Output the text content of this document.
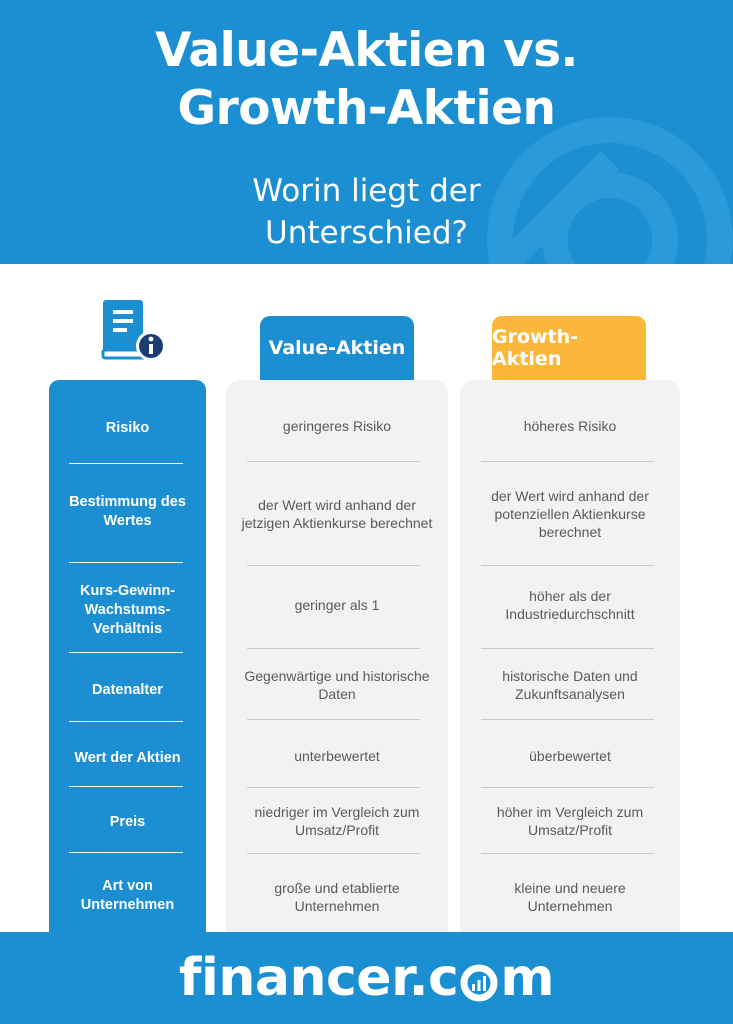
Value-Aktien vs.
Growth-Aktien
Worin liegt der
Unterschied?
Value-Aktien	Growth-Aktien
Risiko
Bestimmung des Wertes
Kurs-Gewinn-Wachstums-Verhältnis
Datenalter
Wert der Aktien
Preis
Art von Unternehmen
geringeres Risiko
der Wert wird anhand der jetzigen Aktienkurse berechnet
geringer als 1
Gegenwärtige und historische Daten
unterbewertet
niedriger im Vergleich zum Umsatz/Profit
große und etablierte Unternehmen
höheres Risiko
der Wert wird anhand der potenziellen Aktienkurse berechnet
höher als der Industriedurchschnitt
historische Daten und Zukunftsanalysen
überbewertet
höher im Vergleich zum Umsatz/Profit
kleine und neuere Unternehmen
financer.c m
